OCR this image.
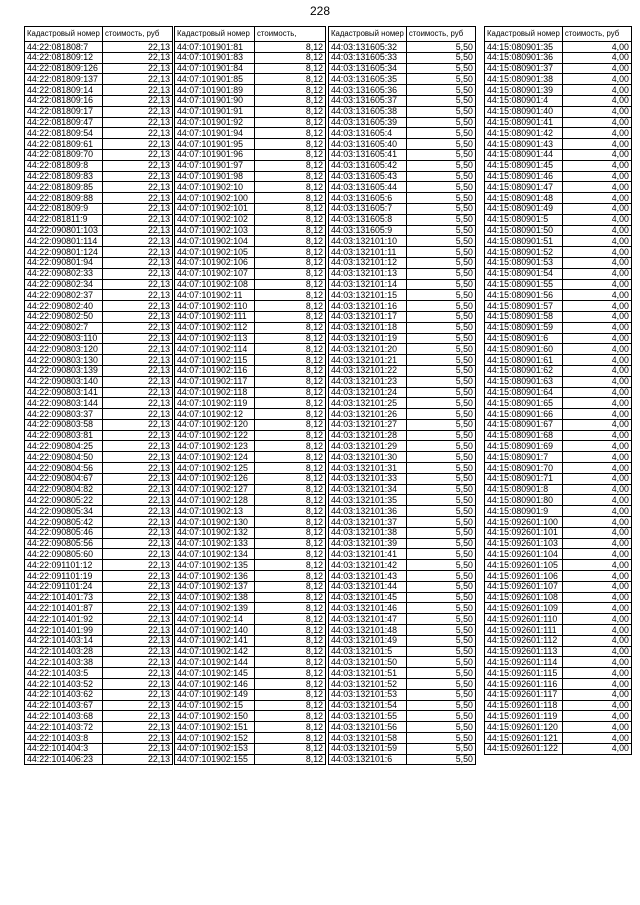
228
Кадастровый номер	стоимость, руб
44:22:081808:7	22,13
44:22:081809:12	22,13
44:22:081809:126	22,13
44:22:081809:137	22,13
44:22:081809:14	22,13
44:22:081809:16	22,13
44:22:081809:17	22,13
44:22:081809:47	22,13
44:22:081809:54	22,13
44:22:081809:61	22,13
44:22:081809:70	22,13
44:22:081809:8	22,13
44:22:081809:83	22,13
44:22:081809:85	22,13
44:22:081809:88	22,13
44:22:081809:9	22,13
44:22:081811:9	22,13
44:22:090801:103	22,13
44:22:090801:114	22,13
44:22:090801:124	22,13
44:22:090801:94	22,13
44:22:090802:33	22,13
44:22:090802:34	22,13
44:22:090802:37	22,13
44:22:090802:40	22,13
44:22:090802:50	22,13
44:22:090802:7	22,13
44:22:090803:110	22,13
44:22:090803:120	22,13
44:22:090803:130	22,13
44:22:090803:139	22,13
44:22:090803:140	22,13
44:22:090803:141	22,13
44:22:090803:144	22,13
44:22:090803:37	22,13
44:22:090803:58	22,13
44:22:090803:81	22,13
44:22:090804:25	22,13
44:22:090804:50	22,13
44:22:090804:56	22,13
44:22:090804:67	22,13
44:22:090804:82	22,13
44:22:090805:22	22,13
44:22:090805:34	22,13
44:22:090805:42	22,13
44:22:090805:46	22,13
44:22:090805:56	22,13
44:22:090805:60	22,13
44:22:091101:12	22,13
44:22:091101:19	22,13
44:22:091101:24	22,13
44:22:101401:73	22,13
44:22:101401:87	22,13
44:22:101401:92	22,13
44:22:101401:99	22,13
44:22:101403:14	22,13
44:22:101403:28	22,13
44:22:101403:38	22,13
44:22:101403:5	22,13
44:22:101403:52	22,13
44:22:101403:62	22,13
44:22:101403:67	22,13
44:22:101403:68	22,13
44:22:101403:72	22,13
44:22:101403:8	22,13
44:22:101404:3	22,13
44:22:101406:23	22,13
Кадастровый номер	стоимость,
44:07:101901:81	8,12
44:07:101901:83	8,12
44:07:101901:84	8,12
44:07:101901:85	8,12
44:07:101901:89	8,12
44:07:101901:90	8,12
44:07:101901:91	8,12
44:07:101901:92	8,12
44:07:101901:94	8,12
44:07:101901:95	8,12
44:07:101901:96	8,12
44:07:101901:97	8,12
44:07:101901:98	8,12
44:07:101902:10	8,12
44:07:101902:100	8,12
44:07:101902:101	8,12
44:07:101902:102	8,12
44:07:101902:103	8,12
44:07:101902:104	8,12
44:07:101902:105	8,12
44:07:101902:106	8,12
44:07:101902:107	8,12
44:07:101902:108	8,12
44:07:101902:11	8,12
44:07:101902:110	8,12
44:07:101902:111	8,12
44:07:101902:112	8,12
44:07:101902:113	8,12
44:07:101902:114	8,12
44:07:101902:115	8,12
44:07:101902:116	8,12
44:07:101902:117	8,12
44:07:101902:118	8,12
44:07:101902:119	8,12
44:07:101902:12	8,12
44:07:101902:120	8,12
44:07:101902:122	8,12
44:07:101902:123	8,12
44:07:101902:124	8,12
44:07:101902:125	8,12
44:07:101902:126	8,12
44:07:101902:127	8,12
44:07:101902:128	8,12
44:07:101902:13	8,12
44:07:101902:130	8,12
44:07:101902:132	8,12
44:07:101902:133	8,12
44:07:101902:134	8,12
44:07:101902:135	8,12
44:07:101902:136	8,12
44:07:101902:137	8,12
44:07:101902:138	8,12
44:07:101902:139	8,12
44:07:101902:14	8,12
44:07:101902:140	8,12
44:07:101902:141	8,12
44:07:101902:142	8,12
44:07:101902:144	8,12
44:07:101902:145	8,12
44:07:101902:146	8,12
44:07:101902:149	8,12
44:07:101902:15	8,12
44:07:101902:150	8,12
44:07:101902:151	8,12
44:07:101902:152	8,12
44:07:101902:153	8,12
44:07:101902:155	8,12
Кадастровый номер	стоимость, руб
44:03:131605:32	5,50
44:03:131605:33	5,50
44:03:131605:34	5,50
44:03:131605:35	5,50
44:03:131605:36	5,50
44:03:131605:37	5,50
44:03:131605:38	5,50
44:03:131605:39	5,50
44:03:131605:4	5,50
44:03:131605:40	5,50
44:03:131605:41	5,50
44:03:131605:42	5,50
44:03:131605:43	5,50
44:03:131605:44	5,50
44:03:131605:6	5,50
44:03:131605:7	5,50
44:03:131605:8	5,50
44:03:131605:9	5,50
44:03:132101:10	5,50
44:03:132101:11	5,50
44:03:132101:12	5,50
44:03:132101:13	5,50
44:03:132101:14	5,50
44:03:132101:15	5,50
44:03:132101:16	5,50
44:03:132101:17	5,50
44:03:132101:18	5,50
44:03:132101:19	5,50
44:03:132101:20	5,50
44:03:132101:21	5,50
44:03:132101:22	5,50
44:03:132101:23	5,50
44:03:132101:24	5,50
44:03:132101:25	5,50
44:03:132101:26	5,50
44:03:132101:27	5,50
44:03:132101:28	5,50
44:03:132101:29	5,50
44:03:132101:30	5,50
44:03:132101:31	5,50
44:03:132101:33	5,50
44:03:132101:34	5,50
44:03:132101:35	5,50
44:03:132101:36	5,50
44:03:132101:37	5,50
44:03:132101:38	5,50
44:03:132101:39	5,50
44:03:132101:41	5,50
44:03:132101:42	5,50
44:03:132101:43	5,50
44:03:132101:44	5,50
44:03:132101:45	5,50
44:03:132101:46	5,50
44:03:132101:47	5,50
44:03:132101:48	5,50
44:03:132101:49	5,50
44:03:132101:5	5,50
44:03:132101:50	5,50
44:03:132101:51	5,50
44:03:132101:52	5,50
44:03:132101:53	5,50
44:03:132101:54	5,50
44:03:132101:55	5,50
44:03:132101:56	5,50
44:03:132101:58	5,50
44:03:132101:59	5,50
44:03:132101:6	5,50
Кадастровый номер	стоимость, руб
44:15:080901:35	4,00
44:15:080901:36	4,00
44:15:080901:37	4,00
44:15:080901:38	4,00
44:15:080901:39	4,00
44:15:080901:4	4,00
44:15:080901:40	4,00
44:15:080901:41	4,00
44:15:080901:42	4,00
44:15:080901:43	4,00
44:15:080901:44	4,00
44:15:080901:45	4,00
44:15:080901:46	4,00
44:15:080901:47	4,00
44:15:080901:48	4,00
44:15:080901:49	4,00
44:15:080901:5	4,00
44:15:080901:50	4,00
44:15:080901:51	4,00
44:15:080901:52	4,00
44:15:080901:53	4,00
44:15:080901:54	4,00
44:15:080901:55	4,00
44:15:080901:56	4,00
44:15:080901:57	4,00
44:15:080901:58	4,00
44:15:080901:59	4,00
44:15:080901:6	4,00
44:15:080901:60	4,00
44:15:080901:61	4,00
44:15:080901:62	4,00
44:15:080901:63	4,00
44:15:080901:64	4,00
44:15:080901:65	4,00
44:15:080901:66	4,00
44:15:080901:67	4,00
44:15:080901:68	4,00
44:15:080901:69	4,00
44:15:080901:7	4,00
44:15:080901:70	4,00
44:15:080901:71	4,00
44:15:080901:8	4,00
44:15:080901:80	4,00
44:15:080901:9	4,00
44:15:092601:100	4,00
44:15:092601:101	4,00
44:15:092601:103	4,00
44:15:092601:104	4,00
44:15:092601:105	4,00
44:15:092601:106	4,00
44:15:092601:107	4,00
44:15:092601:108	4,00
44:15:092601:109	4,00
44:15:092601:110	4,00
44:15:092601:111	4,00
44:15:092601:112	4,00
44:15:092601:113	4,00
44:15:092601:114	4,00
44:15:092601:115	4,00
44:15:092601:116	4,00
44:15:092601:117	4,00
44:15:092601:118	4,00
44:15:092601:119	4,00
44:15:092601:120	4,00
44:15:092601:121	4,00
44:15:092601:122	4,00
